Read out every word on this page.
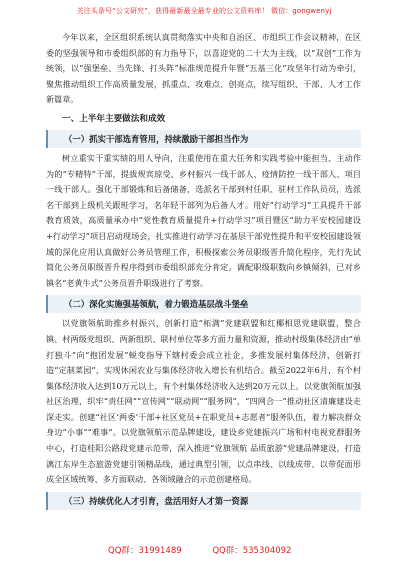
关注头条号“公文研究”，获得最新最全最专业的公文资料库！ 微信：gongwenyj

今年以来，全区组织系统认真贯彻落实中央和自治区、市组织工作会议精神，在区委的坚强领导和市委组织部的有力指导下，以喜迎党的二十大为主线，以“双创”工作为统领，以“强堡垒、当先锋、打头阵”标准规范提升年暨“五基三化”攻坚年行动为牵引，聚焦推动组织工作高质量发展，抓重点、攻难点、创亮点，续写组织、干部、人才工作新篇章。

一、上半年主要做法和成效
（一）抓实干部选育管用，持续激励干部担当作为

树立重实干重实绩的用人导向，注重使用在重大任务和实践考验中能担当、主动作为的“专精特”干部，提拔规宾琼受、乡村振兴一线干部人、疫情防控一线干部人、项目一线干部人。强化干部锻炼和后备储备，选派名干部到村任职、驻村工作队员员，选派名干部到上级机关跟班学习，名年轻干部列为后备人才。用好“行动学习”工具提升干部教育质效，高质量承办中“党性教育质量提升+行动学习”项目暨区“助力平安校园建设+行动学习”项目启动现场会，扎实推进行动学习在基层干部党性提升和平安校园建设领域的深化应用认真做好公务员管理工作，积极探索公务员职级晋升简化程序，先行先试简化公务员职级晋升程序得到市委组织部充分肯定。调配职级职数向乡镇倾斜，已对乡镇名“老黄牛式”公务员晋升职级进行了考察。

（二）深化实施强基领航，着力锻造基层战斗堡垒

以党旗领航助推乡村振兴，创新打造“柘满”党建联盟和红椰相思党建联盟，整合镇、村两级党组织、两新组织、联村单位等多方面力量和资源，推动村级集体经济由“单打独斗”向“抱团发展”蜕变指导下辖村委会成立社企，多推发展村集体经济，创新打造“定制菜园”，实现休闲农业与集体经济收入增长有机结合。截至2022年6月，有个村集体经济收入达到10万元以上，有个村集体经济收入达到20万元以上。以党旗领航加强社区治理，织牢“责任网”“宣传网”“联动网”“服务网”，“四网合一”推动社区清廉建设走深走实。创建“社区‘两委’干部+社区党员+在职党员+志愿者”服务队伍，着力解决群众身边“小事”“难事”。以党旗领航示范品牌建设，建设乡党建振兴广场和村电视党群服务中心，打造桂阳公路段党建示范带，深入推进“党旗领航 品质旅游”党建品牌建设，打造漓江东岸生态旅游党建引领精品线，通过典型引领，以点串线、以线成带、以带促面形成全区域统筹、多方面联动、各领域融合的示范创建格局。

（三）持续优化人才引育，盘活用好人才第一资源
QQ群：31991489	QQ群：535304092
